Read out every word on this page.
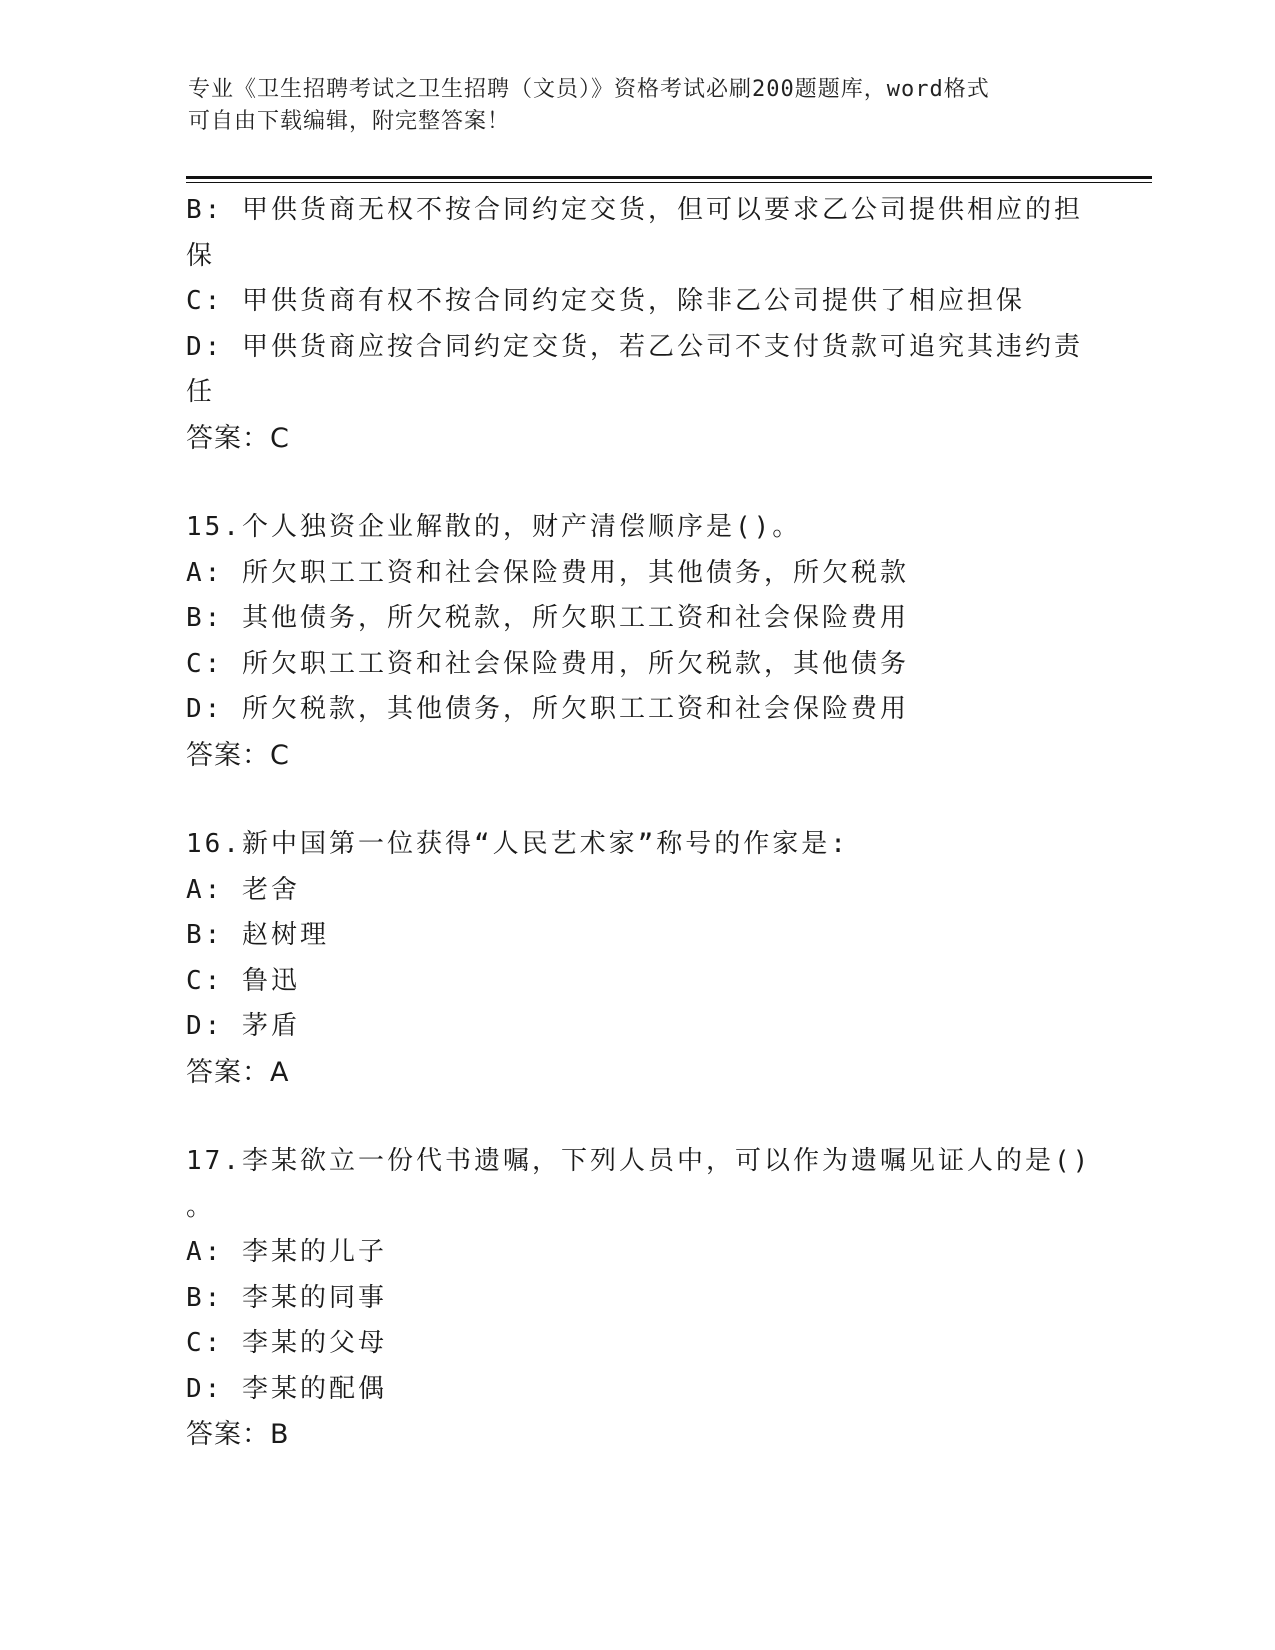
专业《卫生招聘考试之卫生招聘（文员）》资格考试必刷200题题库，word格式
可自由下载编辑，附完整答案！
B: 甲供货商无权不按合同约定交货，但可以要求乙公司提供相应的担
保
C: 甲供货商有权不按合同约定交货，除非乙公司提供了相应担保
D: 甲供货商应按合同约定交货，若乙公司不支付货款可追究其违约责
任
答案：C
15.个人独资企业解散的，财产清偿顺序是()。
A: 所欠职工工资和社会保险费用，其他债务，所欠税款
B: 其他债务，所欠税款，所欠职工工资和社会保险费用
C: 所欠职工工资和社会保险费用，所欠税款，其他债务
D: 所欠税款，其他债务，所欠职工工资和社会保险费用
答案：C
16.新中国第一位获得“人民艺术家”称号的作家是:
A: 老舍
B: 赵树理
C: 鲁迅
D: 茅盾
答案：A
17.李某欲立一份代书遗嘱，下列人员中，可以作为遗嘱见证人的是()
。
A: 李某的儿子
B: 李某的同事
C: 李某的父母
D: 李某的配偶
答案：B
